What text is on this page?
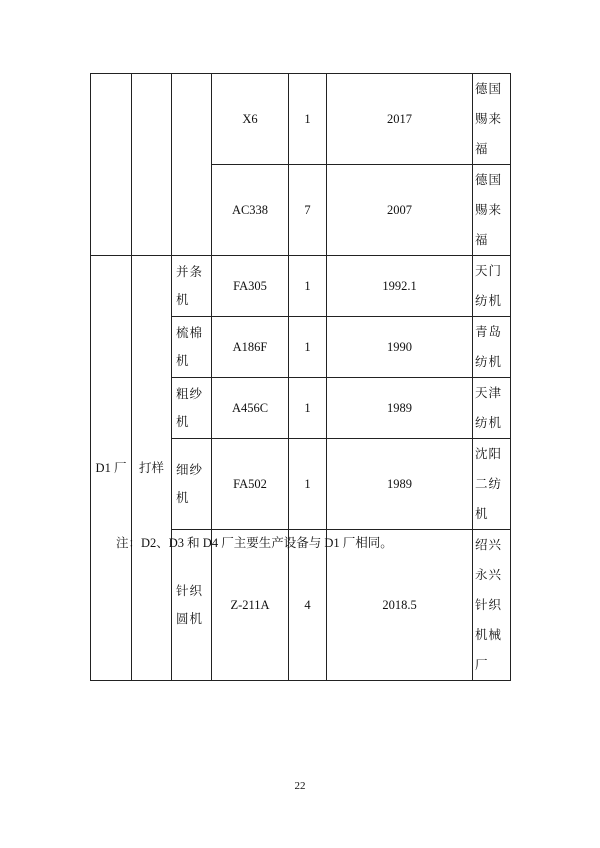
			X6	1	2017	德国赐来福
			AC338	7	2007	德国赐来福
D1 厂	打样	并条机	FA305	1	1992.1	天门纺机
		梳棉机	A186F	1	1990	青岛纺机
		粗纱机	A456C	1	1989	天津纺机
		细纱机	FA502	1	1989	沈阳二纺机
		针织圆机	Z-211A	4	2018.5	绍兴永兴针织机械厂
注：D2、D3 和 D4 厂主要生产设备与 D1 厂相同。
22
